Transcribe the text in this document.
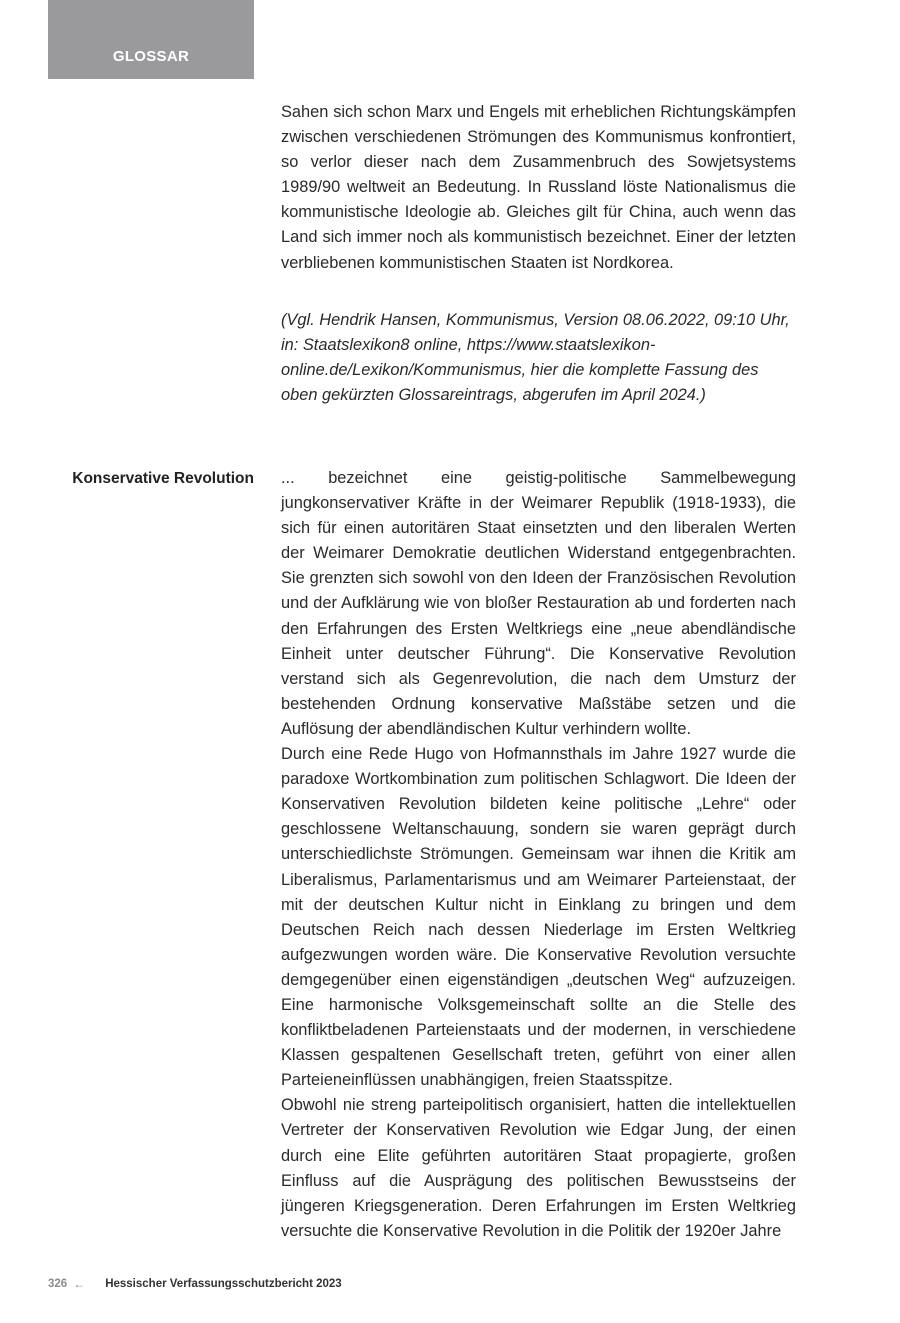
GLOSSAR

Sahen sich schon Marx und Engels mit erheblichen Richtungskämpfen zwischen verschiedenen Strömungen des Kommunismus konfrontiert, so verlor dieser nach dem Zusammenbruch des Sowjetsystems 1989/90 weltweit an Bedeutung. In Russland löste Nationalismus die kommunistische Ideologie ab. Gleiches gilt für China, auch wenn das Land sich immer noch als kommunistisch bezeichnet. Einer der letzten verbliebenen kommunistischen Staaten ist Nordkorea.

(Vgl. Hendrik Hansen, Kommunismus, Version 08.06.2022, 09:10 Uhr, in: Staatslexikon8 online, https://www.staatslexikon-online.de/Lexikon/Kommunismus, hier die komplette Fassung des oben gekürzten Glossareintrags, abgerufen im April 2024.)

Konservative Revolution ... bezeichnet eine geistig-politische Sammelbewegung jungkonservativer Kräfte in der Weimarer Republik (1918-1933), die sich für einen autoritären Staat einsetzten und den liberalen Werten der Weimarer Demokratie deutlichen Widerstand entgegenbrachten. Sie grenzten sich sowohl von den Ideen der Französischen Revolution und der Aufklärung wie von bloßer Restauration ab und forderten nach den Erfahrungen des Ersten Weltkriegs eine „neue abendländische Einheit unter deutscher Führung“. Die Konservative Revolution verstand sich als Gegenrevolution, die nach dem Umsturz der bestehenden Ordnung konservative Maßstäbe setzen und die Auflösung der abendländischen Kultur verhindern wollte.

Durch eine Rede Hugo von Hofmannsthals im Jahre 1927 wurde die paradoxe Wortkombination zum politischen Schlagwort. Die Ideen der Konservativen Revolution bildeten keine politische „Lehre“ oder geschlossene Weltanschauung, sondern sie waren geprägt durch unterschiedlichste Strömungen. Gemeinsam war ihnen die Kritik am Liberalismus, Parlamentarismus und am Weimarer Parteienstaat, der mit der deutschen Kultur nicht in Einklang zu bringen und dem Deutschen Reich nach dessen Niederlage im Ersten Weltkrieg aufgezwungen worden wäre. Die Konservative Revolution versuchte demgegenüber einen eigenständigen „deutschen Weg“ aufzuzeigen. Eine harmonische Volksgemeinschaft sollte an die Stelle des konfliktbeladenen Parteienstaats und der modernen, in verschiedene Klassen gespaltenen Gesellschaft treten, geführt von einer allen Parteieneinflüssen unabhängigen, freien Staatsspitze.

Obwohl nie streng parteipolitisch organisiert, hatten die intellektuellen Vertreter der Konservativen Revolution wie Edgar Jung, der einen durch eine Elite geführten autoritären Staat propagierte, großen Einfluss auf die Ausprägung des politischen Bewusstseins der jüngeren Kriegsgeneration. Deren Erfahrungen im Ersten Weltkrieg versuchte die Konservative Revolution in die Politik der 1920er Jahre

326 ← Hessischer Verfassungsschutzbericht 2023
